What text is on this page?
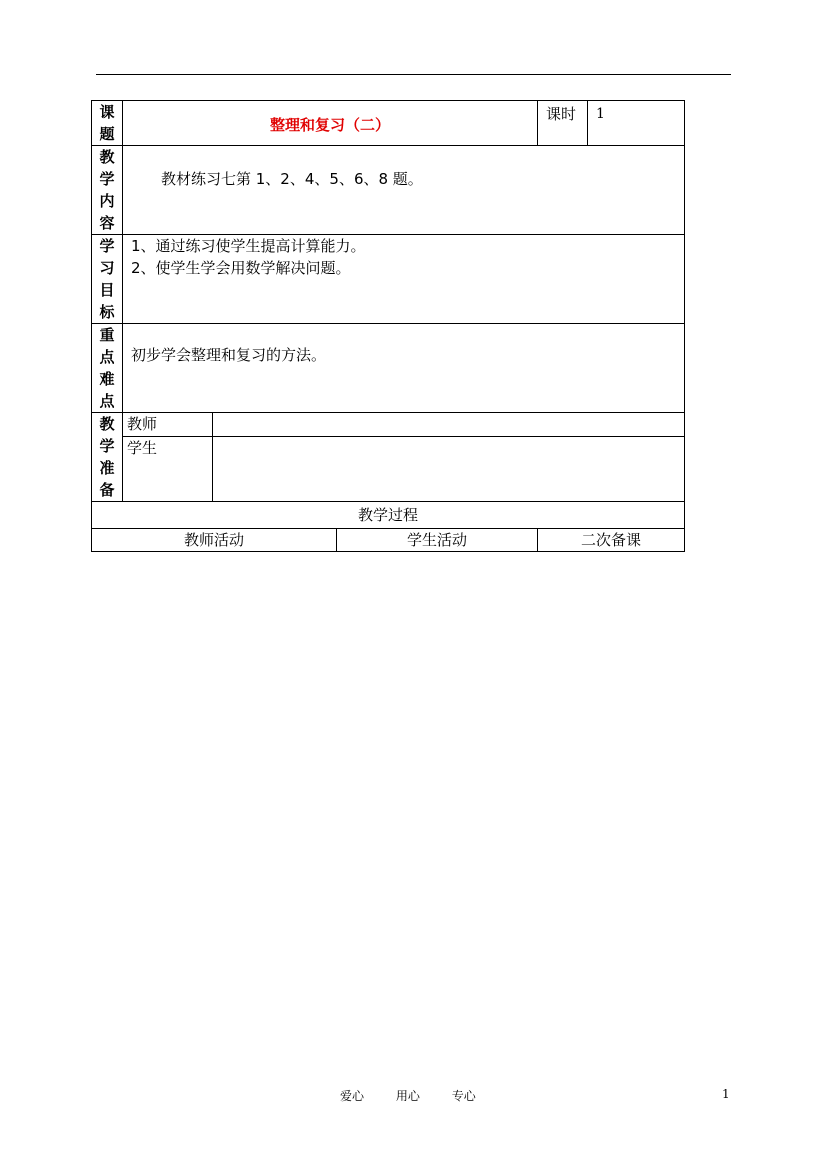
课
题	整理和复习（二）			课时	1

教
学
内
容	教材练习七第 1、2、4、5、6、8 题。				

学
习
目
标	1、通过练习使学生提高计算能力。
2、使学生学会用数学解决问题。				

重
点
难
点	初步学会整理和复习的方法。				

教
学
准
备	教师				
	学生				
教学过程					
教师活动			学生活动	二次备课	
爱心	用心	专心	1
